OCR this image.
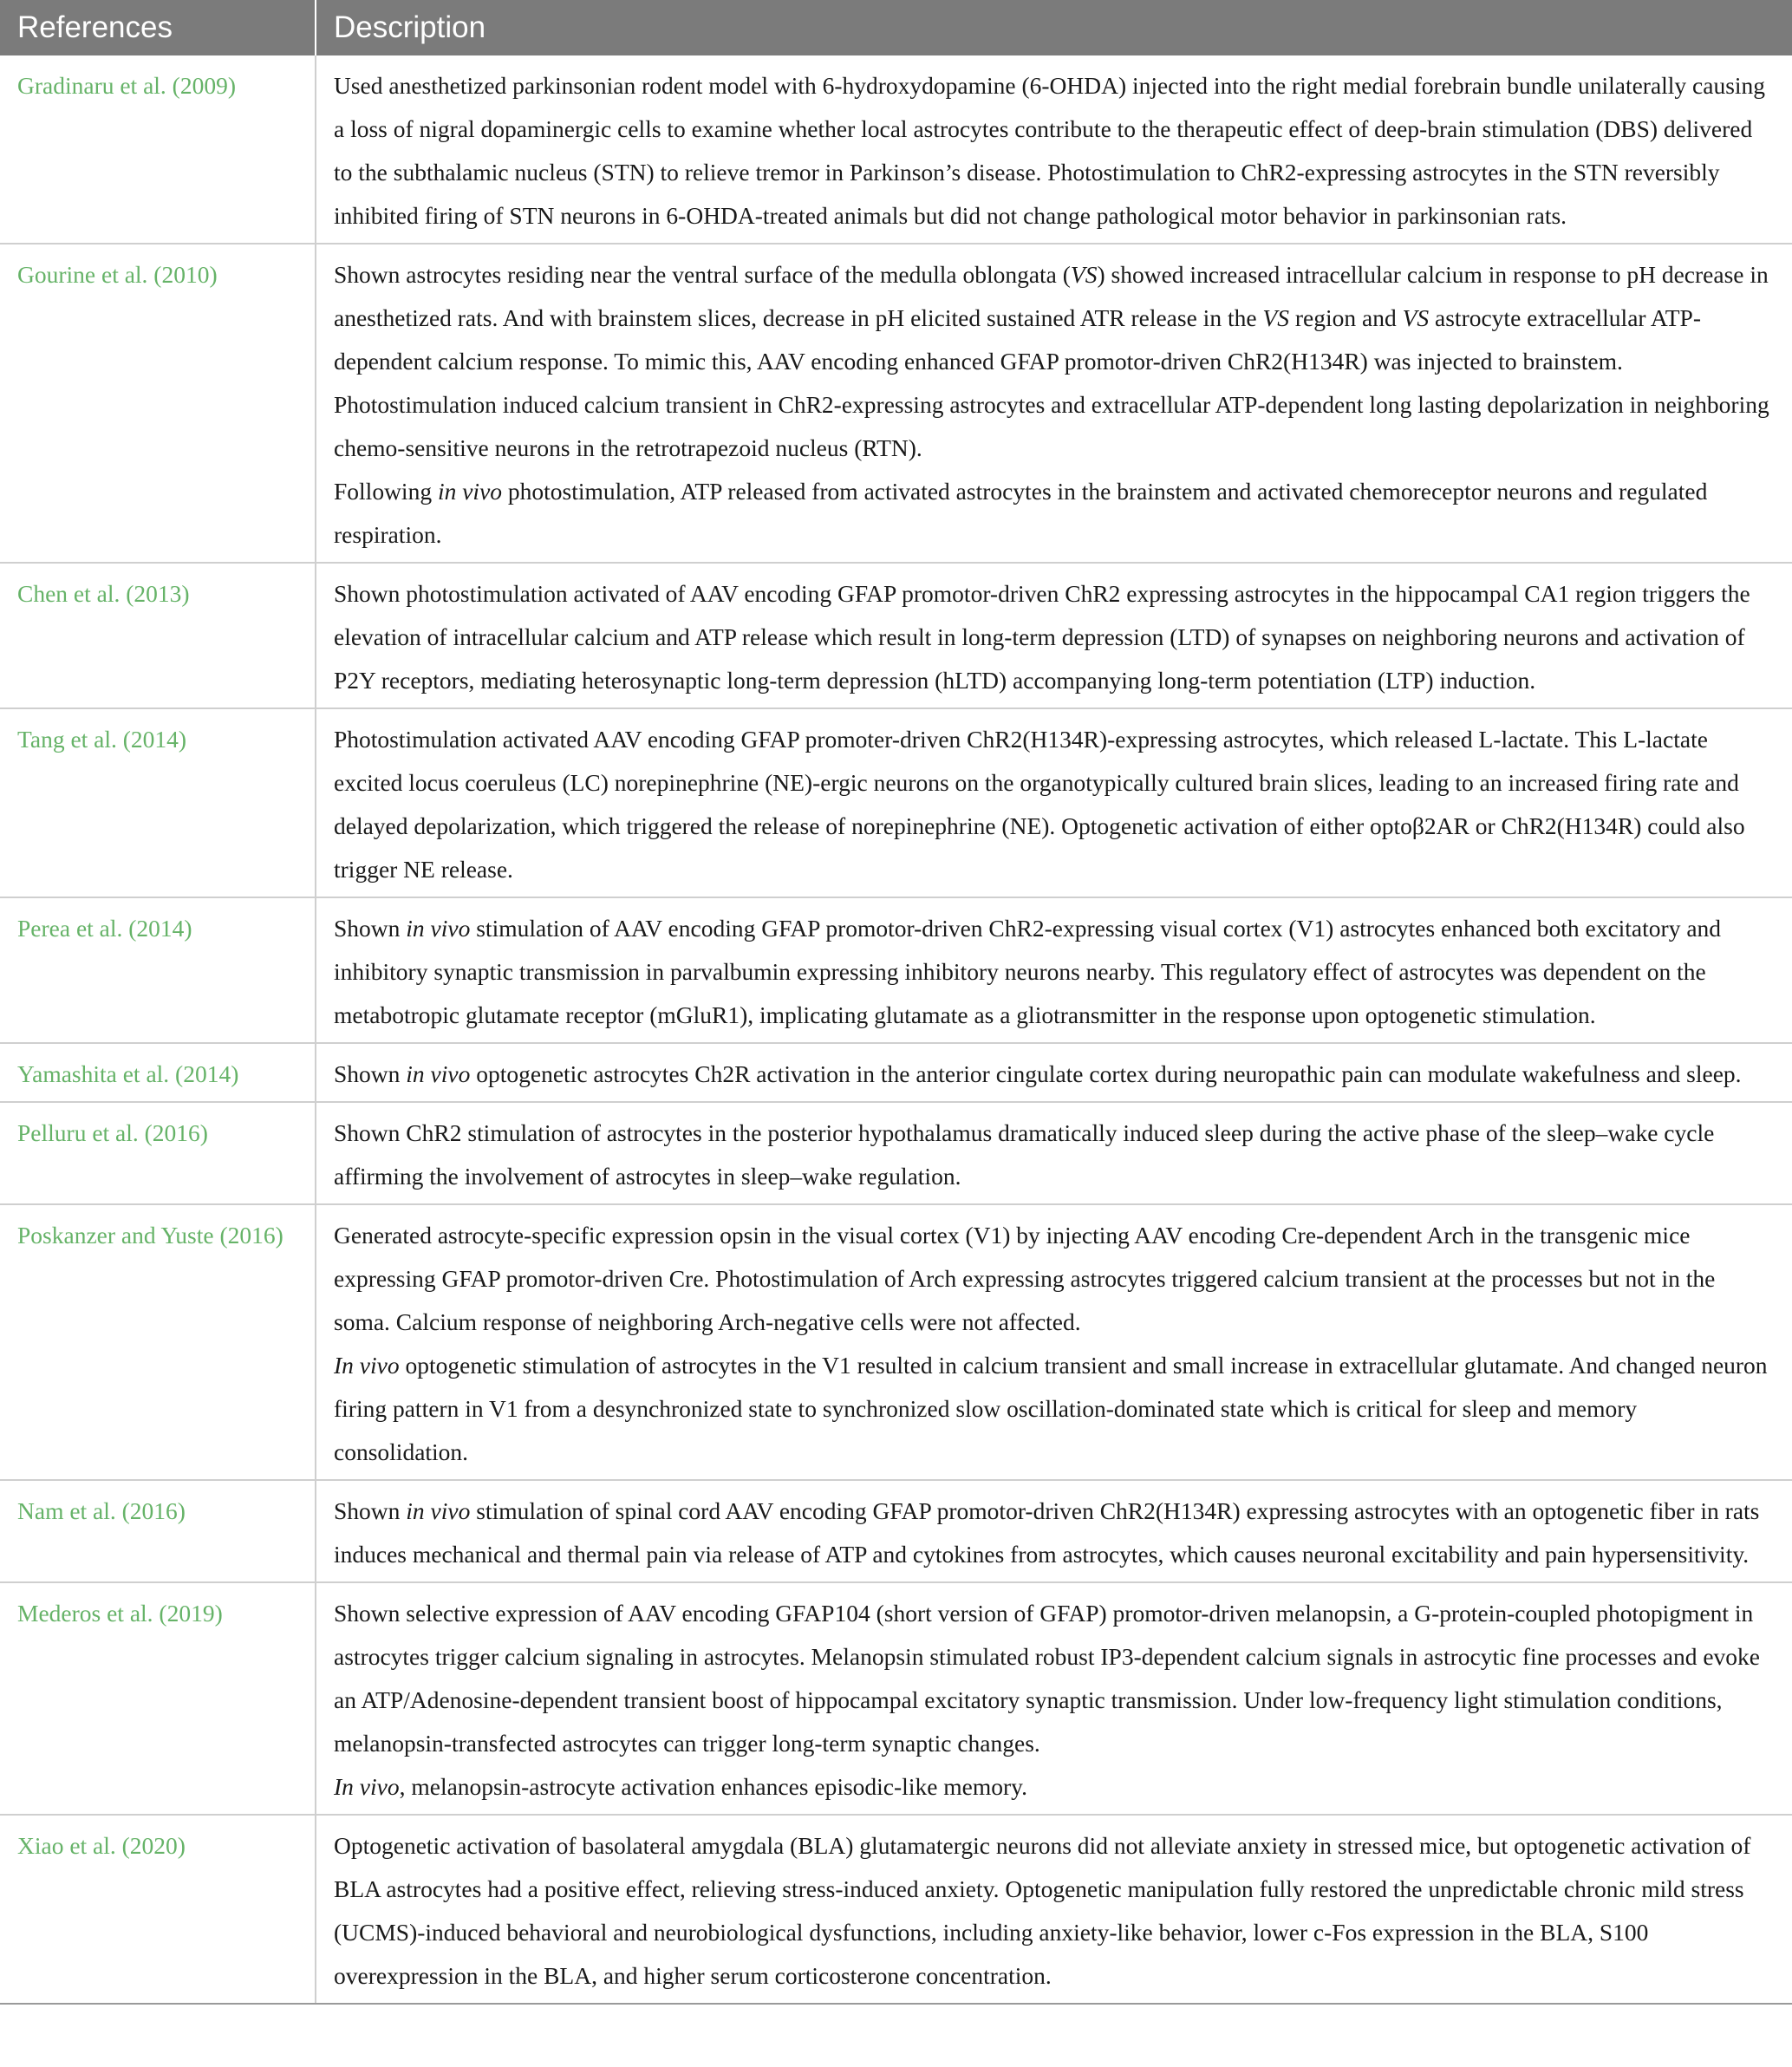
References	Description
Gradinaru et al. (2009)	Used anesthetized parkinsonian rodent model with 6-hydroxydopamine (6-OHDA) injected into the right medial forebrain bundle unilaterally causing a loss of nigral dopaminergic cells to examine whether local astrocytes contribute to the therapeutic effect of deep-brain stimulation (DBS) delivered to the subthalamic nucleus (STN) to relieve tremor in Parkinson’s disease. Photostimulation to ChR2-expressing astrocytes in the STN reversibly inhibited firing of STN neurons in 6-OHDA-treated animals but did not change pathological motor behavior in parkinsonian rats.

Gourine et al. (2010)	Shown astrocytes residing near the ventral surface of the medulla oblongata (VS) showed increased intracellular calcium in response to pH decrease in anesthetized rats. And with brainstem slices, decrease in pH elicited sustained ATR release in the VS region and VS astrocyte extracellular ATP-dependent calcium response. To mimic this, AAV encoding enhanced GFAP promotor-driven ChR2(H134R) was injected to brainstem. Photostimulation induced calcium transient in ChR2-expressing astrocytes and extracellular ATP-dependent long lasting depolarization in neighboring chemo-sensitive neurons in the retrotrapezoid nucleus (RTN).
Following in vivo photostimulation, ATP released from activated astrocytes in the brainstem and activated chemoreceptor neurons and regulated respiration.

Chen et al. (2013)	Shown photostimulation activated of AAV encoding GFAP promotor-driven ChR2 expressing astrocytes in the hippocampal CA1 region triggers the elevation of intracellular calcium and ATP release which result in long-term depression (LTD) of synapses on neighboring neurons and activation of P2Y receptors, mediating heterosynaptic long-term depression (hLTD) accompanying long-term potentiation (LTP) induction.

Tang et al. (2014)	Photostimulation activated AAV encoding GFAP promoter-driven ChR2(H134R)-expressing astrocytes, which released L-lactate. This L-lactate excited locus coeruleus (LC) norepinephrine (NE)-ergic neurons on the organotypically cultured brain slices, leading to an increased firing rate and delayed depolarization, which triggered the release of norepinephrine (NE). Optogenetic activation of either optoβ2AR or ChR2(H134R) could also trigger NE release.

Perea et al. (2014)	Shown in vivo stimulation of AAV encoding GFAP promotor-driven ChR2-expressing visual cortex (V1) astrocytes enhanced both excitatory and inhibitory synaptic transmission in parvalbumin expressing inhibitory neurons nearby. This regulatory effect of astrocytes was dependent on the metabotropic glutamate receptor (mGluR1), implicating glutamate as a gliotransmitter in the response upon optogenetic stimulation.

Yamashita et al. (2014)	Shown in vivo optogenetic astrocytes Ch2R activation in the anterior cingulate cortex during neuropathic pain can modulate wakefulness and sleep.

Pelluru et al. (2016)	Shown ChR2 stimulation of astrocytes in the posterior hypothalamus dramatically induced sleep during the active phase of the sleep–wake cycle affirming the involvement of astrocytes in sleep–wake regulation.

Poskanzer and Yuste (2016)	Generated astrocyte-specific expression opsin in the visual cortex (V1) by injecting AAV encoding Cre-dependent Arch in the transgenic mice expressing GFAP promotor-driven Cre. Photostimulation of Arch expressing astrocytes triggered calcium transient at the processes but not in the soma. Calcium response of neighboring Arch-negative cells were not affected.
In vivo optogenetic stimulation of astrocytes in the V1 resulted in calcium transient and small increase in extracellular glutamate. And changed neuron firing pattern in V1 from a desynchronized state to synchronized slow oscillation-dominated state which is critical for sleep and memory consolidation.

Nam et al. (2016)	Shown in vivo stimulation of spinal cord AAV encoding GFAP promotor-driven ChR2(H134R) expressing astrocytes with an optogenetic fiber in rats induces mechanical and thermal pain via release of ATP and cytokines from astrocytes, which causes neuronal excitability and pain hypersensitivity.

Mederos et al. (2019)	Shown selective expression of AAV encoding GFAP104 (short version of GFAP) promotor-driven melanopsin, a G-protein-coupled photopigment in astrocytes trigger calcium signaling in astrocytes. Melanopsin stimulated robust IP3-dependent calcium signals in astrocytic fine processes and evoke an ATP/Adenosine-dependent transient boost of hippocampal excitatory synaptic transmission. Under low-frequency light stimulation conditions, melanopsin-transfected astrocytes can trigger long-term synaptic changes.
In vivo, melanopsin-astrocyte activation enhances episodic-like memory.

Xiao et al. (2020)	Optogenetic activation of basolateral amygdala (BLA) glutamatergic neurons did not alleviate anxiety in stressed mice, but optogenetic activation of BLA astrocytes had a positive effect, relieving stress-induced anxiety. Optogenetic manipulation fully restored the unpredictable chronic mild stress (UCMS)-induced behavioral and neurobiological dysfunctions, including anxiety-like behavior, lower c-Fos expression in the BLA, S100 overexpression in the BLA, and higher serum corticosterone concentration.
